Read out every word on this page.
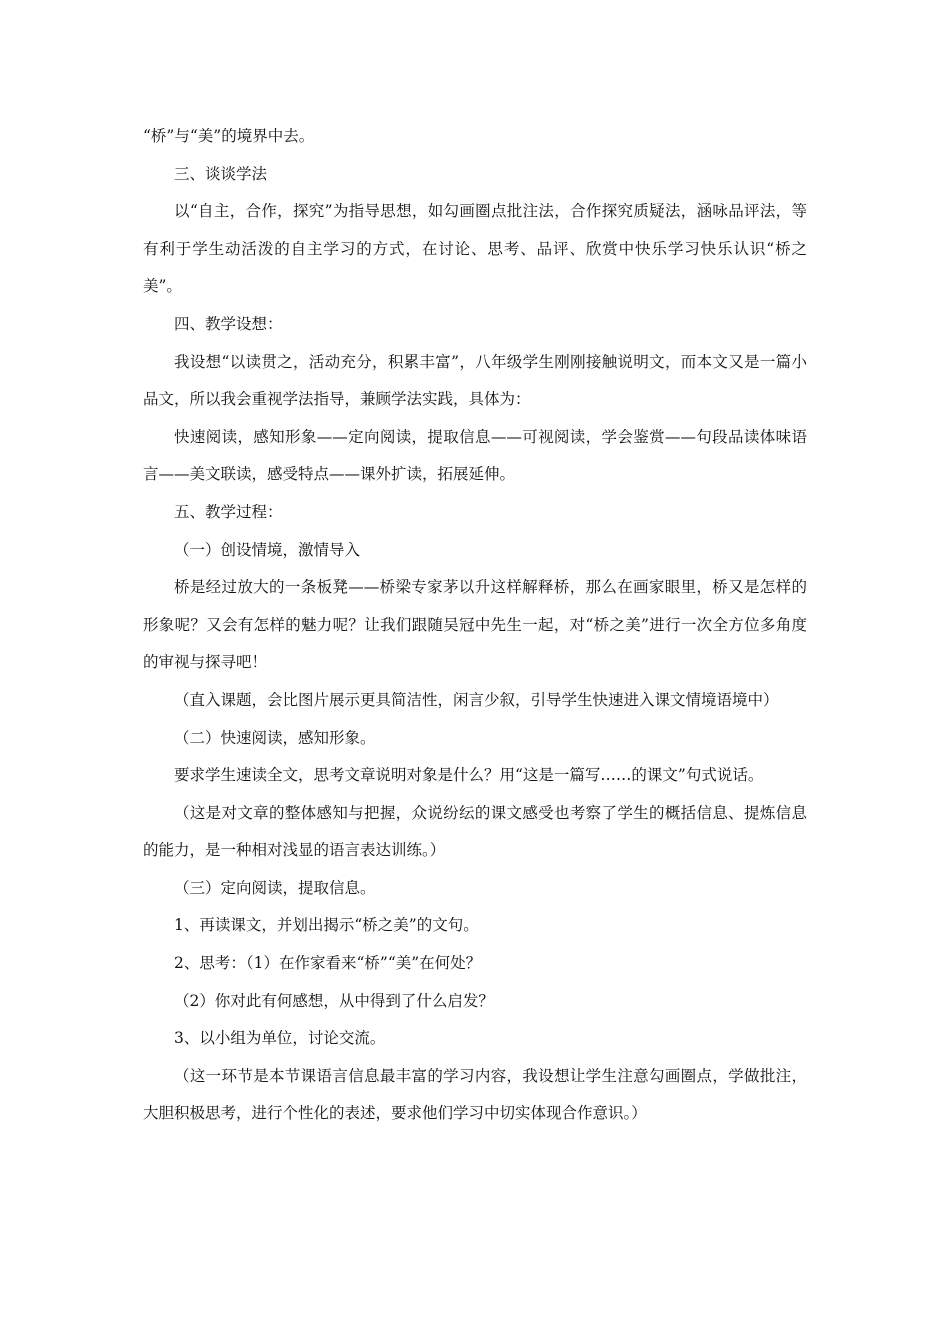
“桥”与“美”的境界中去。

三、谈谈学法

以“自主，合作，探究”为指导思想，如勾画圈点批注法，合作探究质疑法，涵咏品评法，等有利于学生动活泼的自主学习的方式，在讨论、思考、品评、欣赏中快乐学习快乐认识“桥之美”。

四、教学设想：

我设想“以读贯之，活动充分，积累丰富”，八年级学生刚刚接触说明文，而本文又是一篇小品文，所以我会重视学法指导，兼顾学法实践，具体为：

快速阅读，感知形象——定向阅读，提取信息——可视阅读，学会鉴赏——句段品读体味语言——美文联读，感受特点——课外扩读，拓展延伸。

五、教学过程：

（一）创设情境，激情导入

桥是经过放大的一条板凳——桥梁专家茅以升这样解释桥，那么在画家眼里，桥又是怎样的形象呢？又会有怎样的魅力呢？让我们跟随吴冠中先生一起，对“桥之美”进行一次全方位多角度的审视与探寻吧！

（直入课题，会比图片展示更具简洁性，闲言少叙，引导学生快速进入课文情境语境中）

（二）快速阅读，感知形象。

要求学生速读全文，思考文章说明对象是什么？用“这是一篇写……的课文”句式说话。

（这是对文章的整体感知与把握，众说纷纭的课文感受也考察了学生的概括信息、提炼信息的能力，是一种相对浅显的语言表达训练。）

（三）定向阅读，提取信息。

1、再读课文，并划出揭示“桥之美”的文句。

2、思考：（1）在作家看来“桥”“美”在何处？

（2）你对此有何感想，从中得到了什么启发？

3、以小组为单位，讨论交流。

（这一环节是本节课语言信息最丰富的学习内容，我设想让学生注意勾画圈点，学做批注，大胆积极思考，进行个性化的表述，要求他们学习中切实体现合作意识。）
